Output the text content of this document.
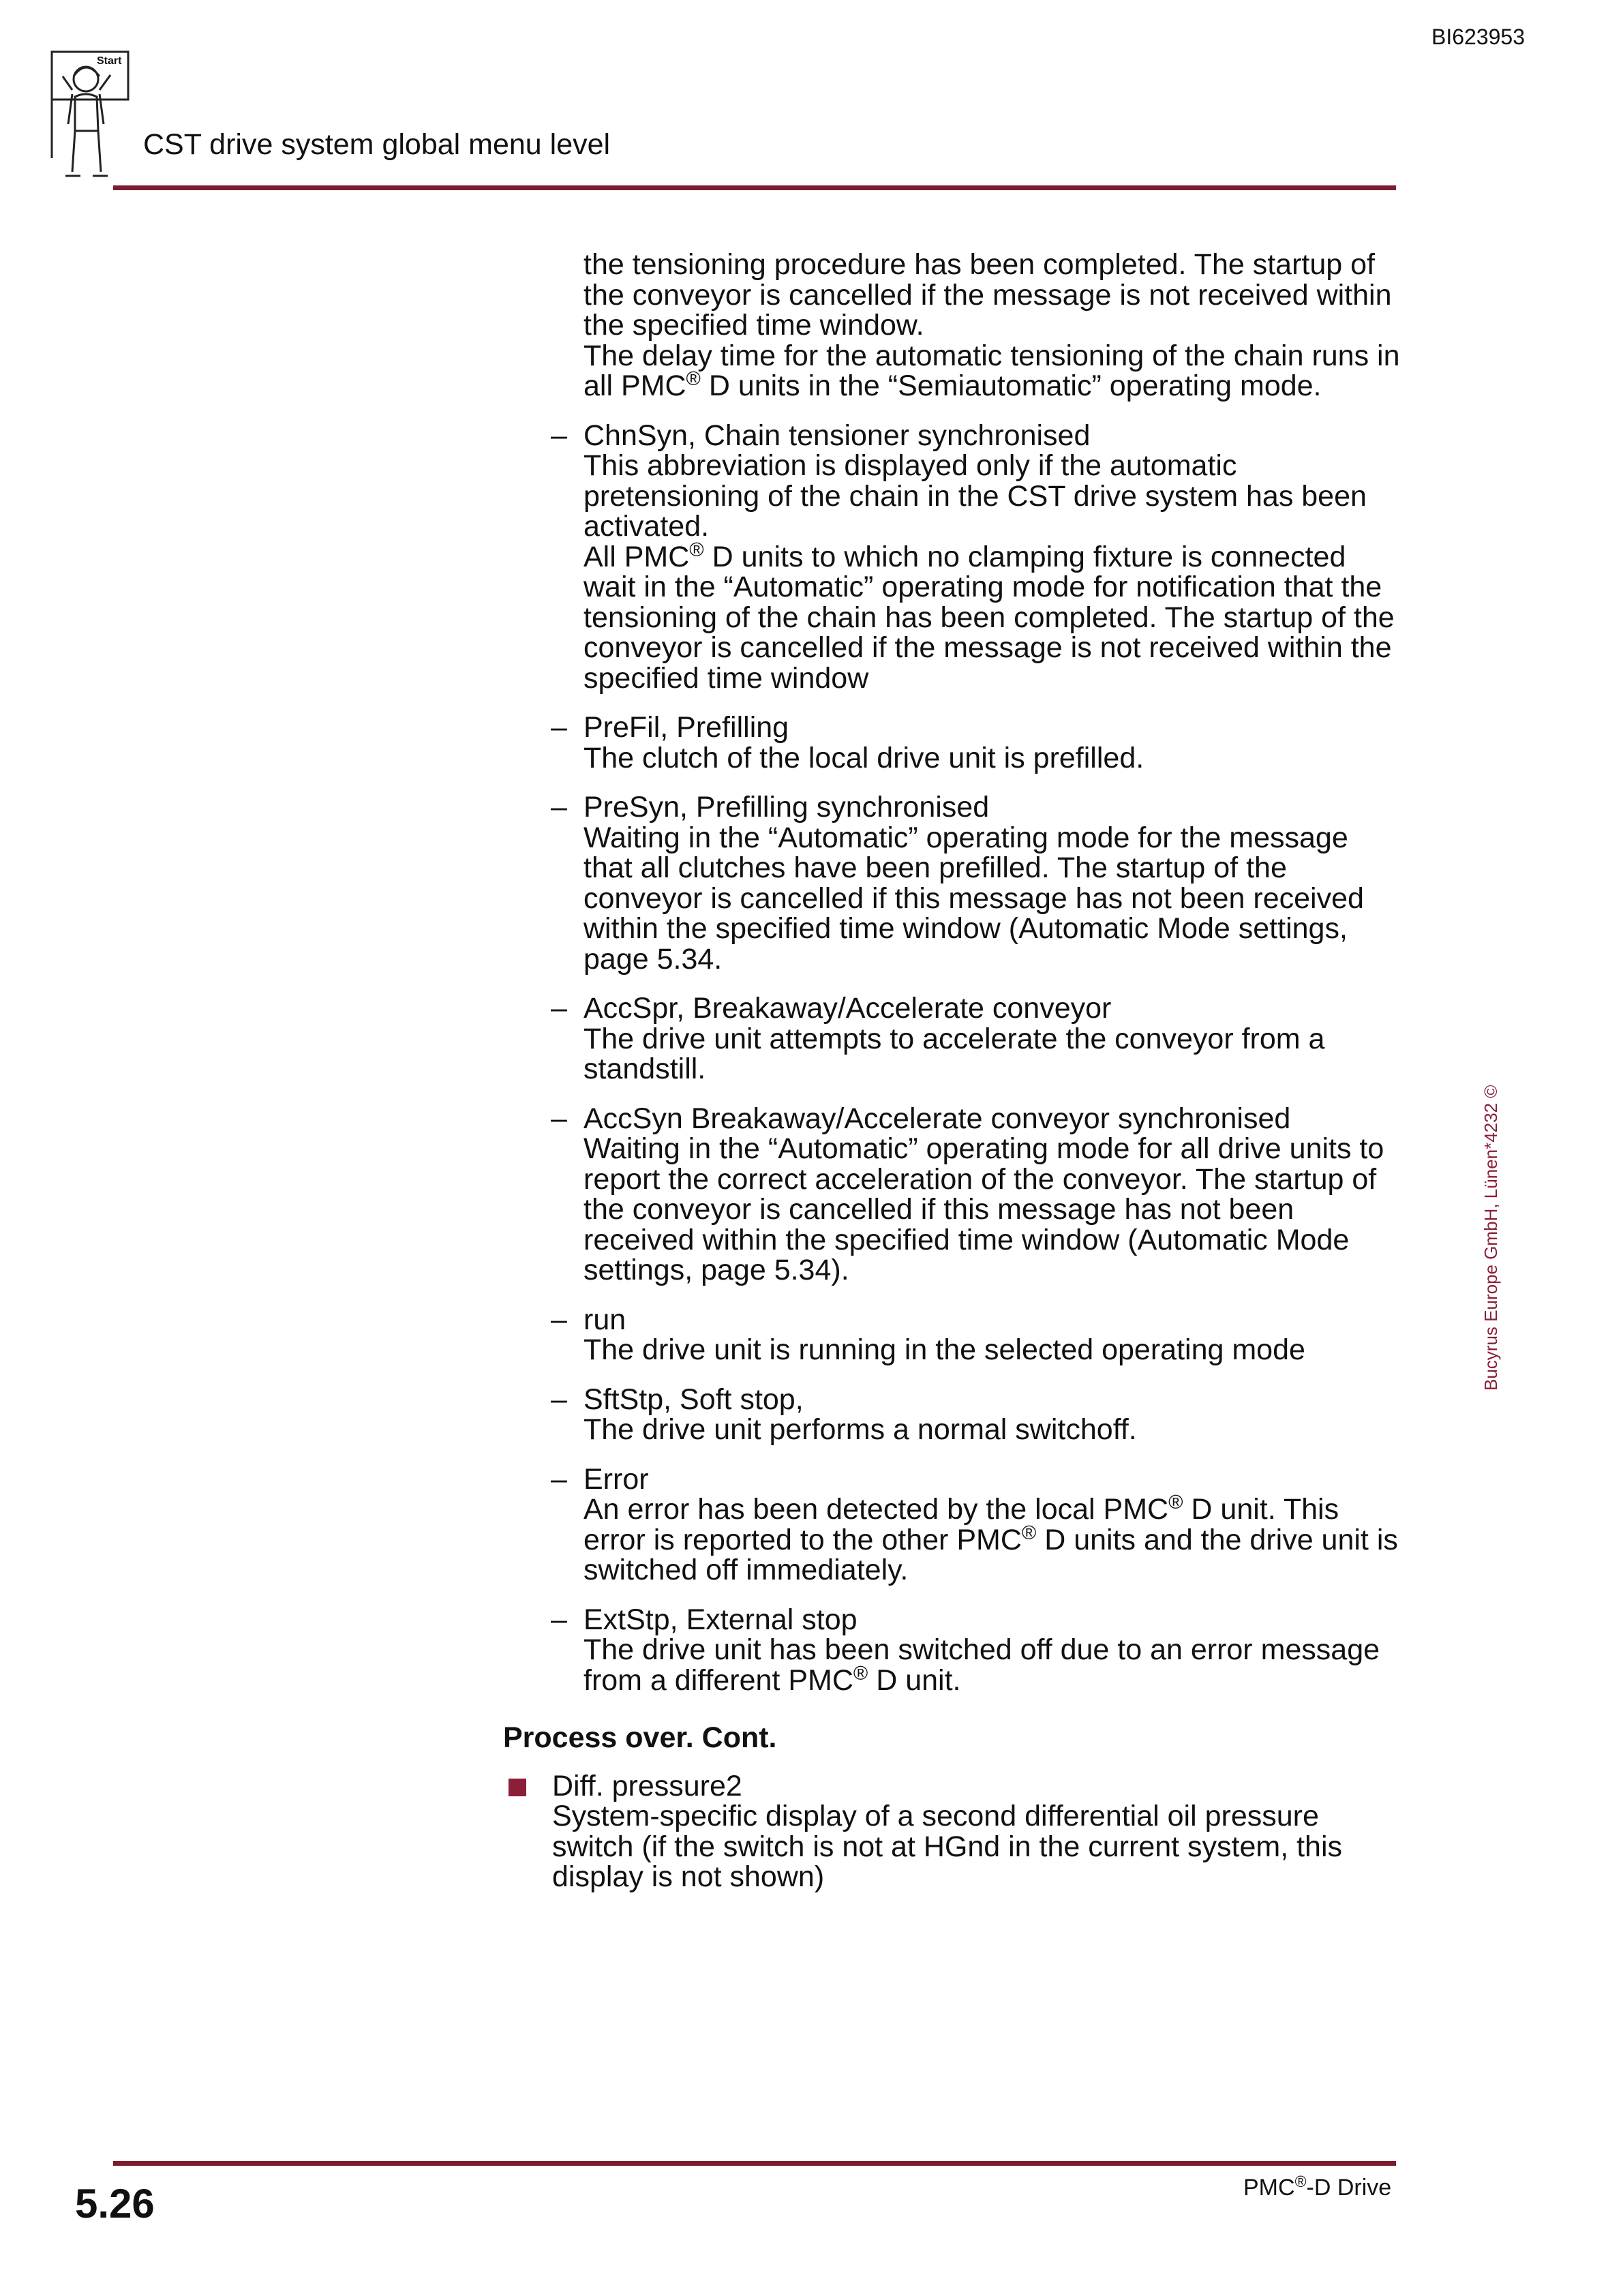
BI623953
Start
CST drive system global menu level
the tensioning procedure has been completed. The startup of the conveyor is cancelled if the message is not received within the specified time window.
The delay time for the automatic tensioning of the chain runs in all PMC® D units in the “Semiautomatic” operating mode.
– ChnSyn, Chain tensioner synchronised
This abbreviation is displayed only if the automatic pretensioning of the chain in the CST drive system has been activated.
All PMC® D units to which no clamping fixture is connected wait in the “Automatic” operating mode for notification that the tensioning of the chain has been completed. The startup of the conveyor is cancelled if the message is not received within the specified time window
– PreFil, Prefilling
The clutch of the local drive unit is prefilled.
– PreSyn, Prefilling synchronised
Waiting in the “Automatic” operating mode for the message that all clutches have been prefilled. The startup of the conveyor is cancelled if this message has not been received within the specified time window (Automatic Mode settings, page 5.34.
– AccSpr, Breakaway/Accelerate conveyor
The drive unit attempts to accelerate the conveyor from a standstill.
– AccSyn Breakaway/Accelerate conveyor synchronised
Waiting in the “Automatic” operating mode for all drive units to report the correct acceleration of the conveyor. The startup of the conveyor is cancelled if this message has not been received within the specified time window (Automatic Mode settings, page 5.34).
– run
The drive unit is running in the selected operating mode
– SftStp, Soft stop,
The drive unit performs a normal switchoff.
– Error
An error has been detected by the local PMC® D unit. This error is reported to the other PMC® D units and the drive unit is switched off immediately.
– ExtStp, External stop
The drive unit has been switched off due to an error message from a different PMC® D unit.
Process over. Cont.
Diff. pressure2
System-specific display of a second differential oil pressure switch (if the switch is not at HGnd in the current system, this display is not shown)
Bucyrus Europe GmbH, Lünen*4232 ©
5.26	PMC®-D Drive
